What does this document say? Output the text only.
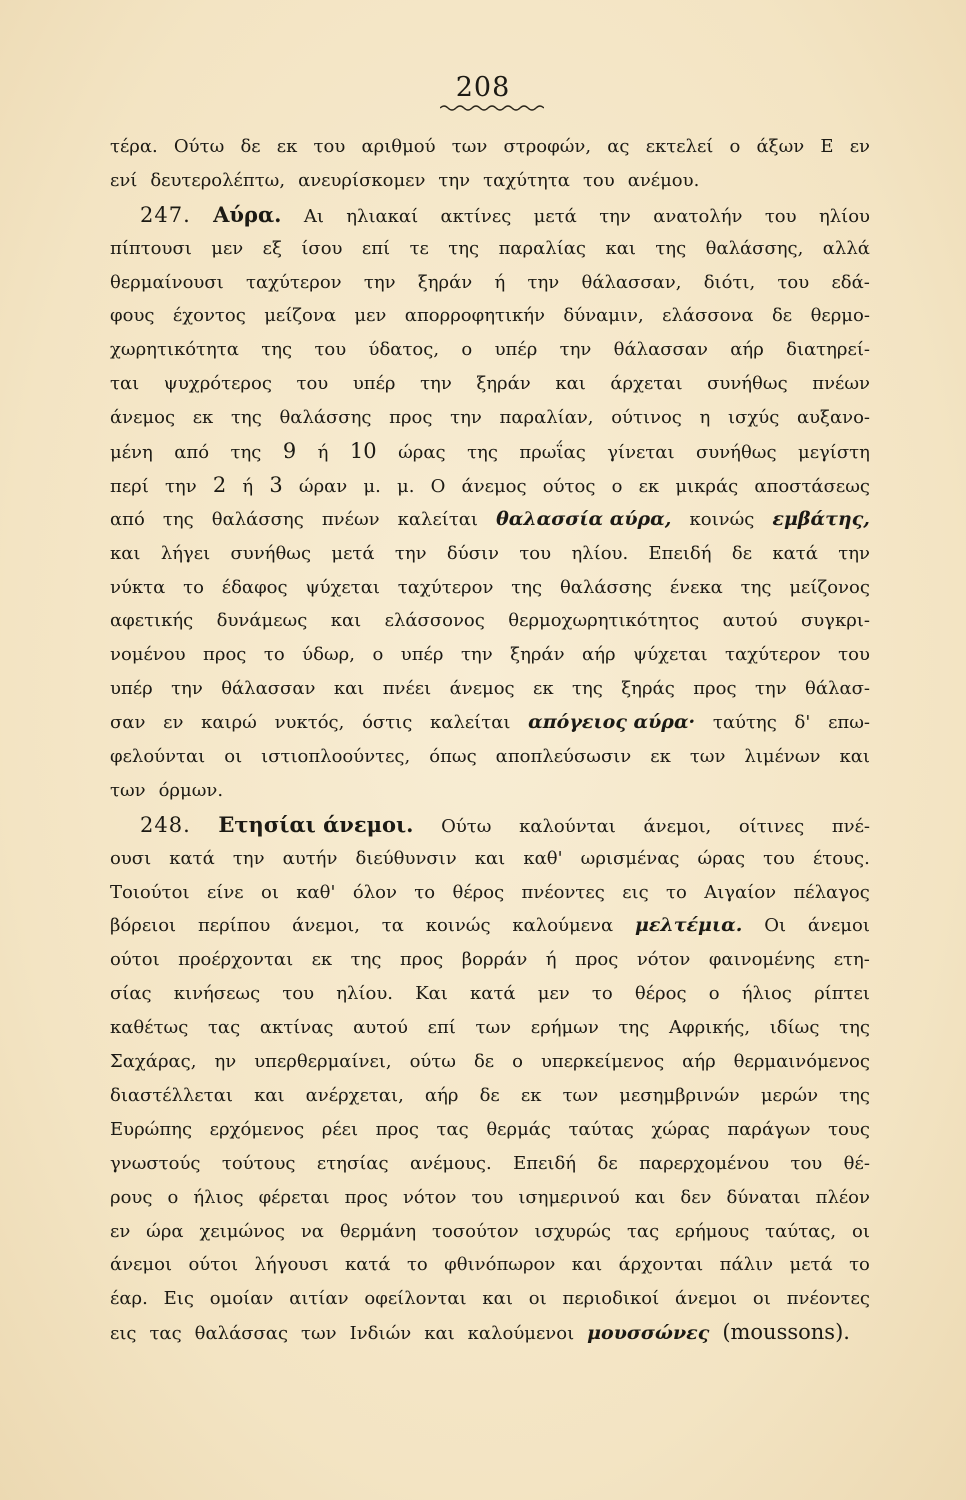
208
τέρα. Ούτω δε εκ του αριθμού των στροφών, ας εκτελεί ο άξων Ε εν
ενί δευτερολέπτω, ανευρίσκομεν την ταχύτητα του ανέμου.
247. Αύρα. Αι ηλιακαί ακτίνες μετά την ανατολήν του ηλίου
πίπτουσι μεν εξ ίσου επί τε της παραλίας και της θαλάσσης, αλλά
θερμαίνουσι ταχύτερον την ξηράν ή την θάλασσαν, διότι, του εδά-
φους έχοντος μείζονα μεν απορροφητικήν δύναμιν, ελάσσονα δε θερμο-
χωρητικότητα της του ύδατος, ο υπέρ την θάλασσαν αήρ διατηρεί-
ται ψυχρότερος του υπέρ την ξηράν και άρχεται συνήθως πνέων
άνεμος εκ της θαλάσσης προς την παραλίαν, ούτινος η ισχύς αυξανο-
μένη από της 9 ή 10 ώρας της πρωΐας γίνεται συνήθως μεγίστη
περί την 2 ή 3 ώραν μ. μ. Ο άνεμος ούτος ο εκ μικράς αποστάσεως
από της θαλάσσης πνέων καλείται θαλασσία αύρα, κοινώς εμβάτης,
και λήγει συνήθως μετά την δύσιν του ηλίου. Επειδή δε κατά την
νύκτα το έδαφος ψύχεται ταχύτερον της θαλάσσης ένεκα της μείζονος
αφετικής δυνάμεως και ελάσσονος θερμοχωρητικότητος αυτού συγκρι-
νομένου προς το ύδωρ, ο υπέρ την ξηράν αήρ ψύχεται ταχύτερον του
υπέρ την θάλασσαν και πνέει άνεμος εκ της ξηράς προς την θάλασ-
σαν εν καιρώ νυκτός, όστις καλείται απόγειος αύρα· ταύτης δ' επω-
φελούνται οι ιστιοπλοούντες, όπως αποπλεύσωσιν εκ των λιμένων και
των όρμων.
248. Ετησίαι άνεμοι. Ούτω καλούνται άνεμοι, οίτινες πνέ-
ουσι κατά την αυτήν διεύθυνσιν και καθ' ωρισμένας ώρας του έτους.
Τοιούτοι είνε οι καθ' όλον το θέρος πνέοντες εις το Αιγαίον πέλαγος
βόρειοι περίπου άνεμοι, τα κοινώς καλούμενα μελτέμια. Οι άνεμοι
ούτοι προέρχονται εκ της προς βορράν ή προς νότον φαινομένης ετη-
σίας κινήσεως του ηλίου. Και κατά μεν το θέρος ο ήλιος ρίπτει
καθέτως τας ακτίνας αυτού επί των ερήμων της Αφρικής, ιδίως της
Σαχάρας, ην υπερθερμαίνει, ούτω δε ο υπερκείμενος αήρ θερμαινόμενος
διαστέλλεται και ανέρχεται, αήρ δε εκ των μεσημβρινών μερών της
Ευρώπης ερχόμενος ρέει προς τας θερμάς ταύτας χώρας παράγων τους
γνωστούς τούτους ετησίας ανέμους. Επειδή δε παρερχομένου του θέ-
ρους ο ήλιος φέρεται προς νότον του ισημερινού και δεν δύναται πλέον
εν ώρα χειμώνος να θερμάνη τοσούτον ισχυρώς τας ερήμους ταύτας, οι
άνεμοι ούτοι λήγουσι κατά το φθινόπωρον και άρχονται πάλιν μετά το
έαρ. Εις ομοίαν αιτίαν οφείλονται και οι περιοδικοί άνεμοι οι πνέοντες
εις τας θαλάσσας των Ινδιών και καλούμενοι μουσσώνες (moussons).
